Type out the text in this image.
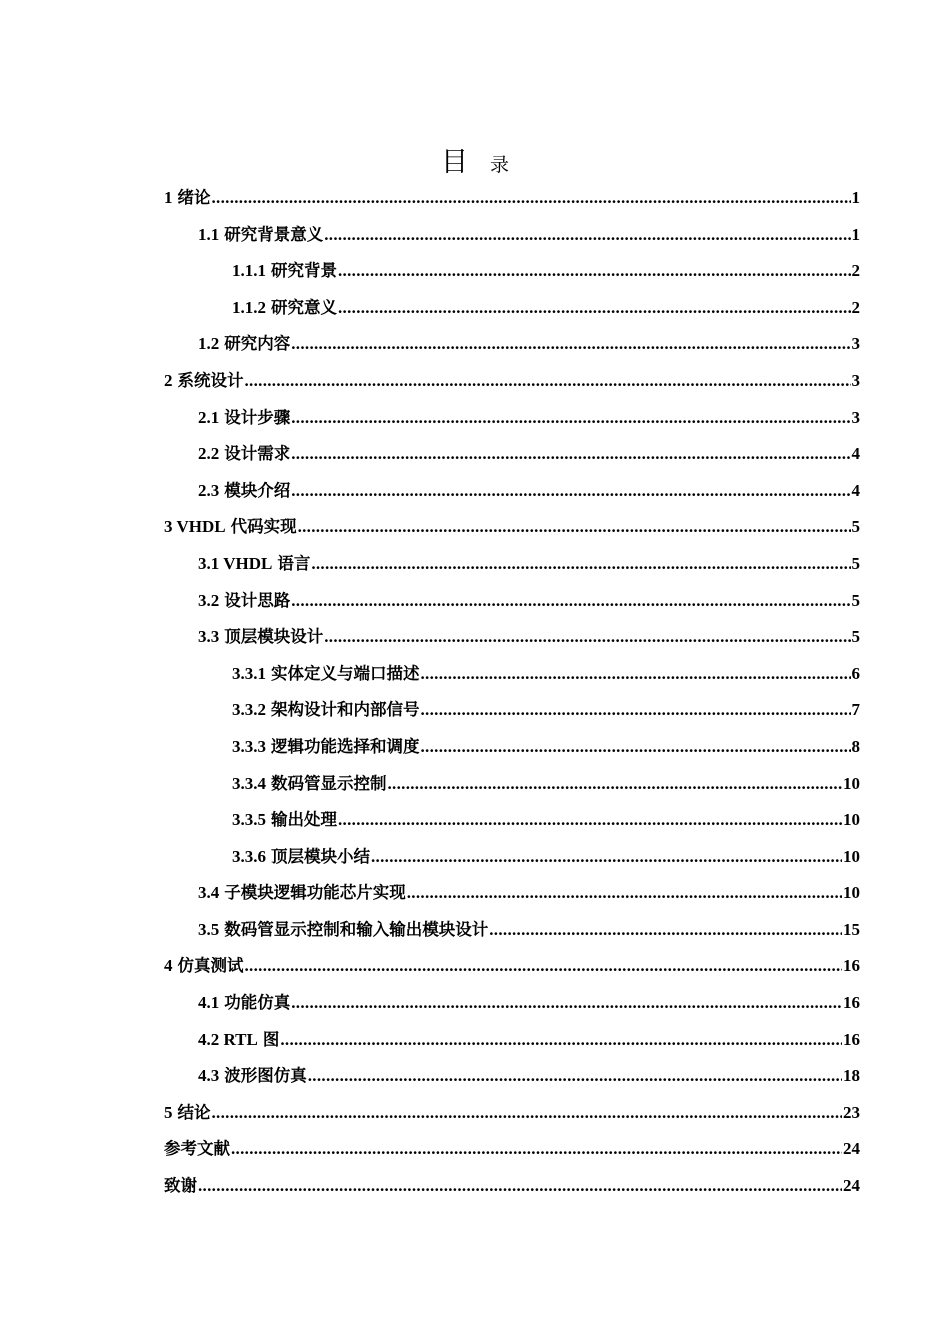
目 录
1 绪论 .....	1
1.1 研究背景意义 .....	1
1.1.1 研究背景 .....	2
1.1.2 研究意义 .....	2
1.2 研究内容 .....	3
2 系统设计 .....	3
2.1 设计步骤 .....	3
2.2 设计需求 .....	4
2.3 模块介绍 .....	4
3 VHDL 代码实现 .....	5
3.1 VHDL 语言 .....	5
3.2 设计思路 .....	5
3.3 顶层模块设计 .....	5
3.3.1 实体定义与端口描述 .....	6
3.3.2 架构设计和内部信号 .....	7
3.3.3 逻辑功能选择和调度 .....	8
3.3.4 数码管显示控制 .....	10
3.3.5 输出处理 .....	10
3.3.6 顶层模块小结 .....	10
3.4 子模块逻辑功能芯片实现 .....	10
3.5 数码管显示控制和输入输出模块设计 .....	15
4 仿真测试 .....	16
4.1 功能仿真 .....	16
4.2 RTL 图 .....	16
4.3 波形图仿真 .....	18
5 结论 .....	23
参考文献 .....	24
致谢 .....	24
